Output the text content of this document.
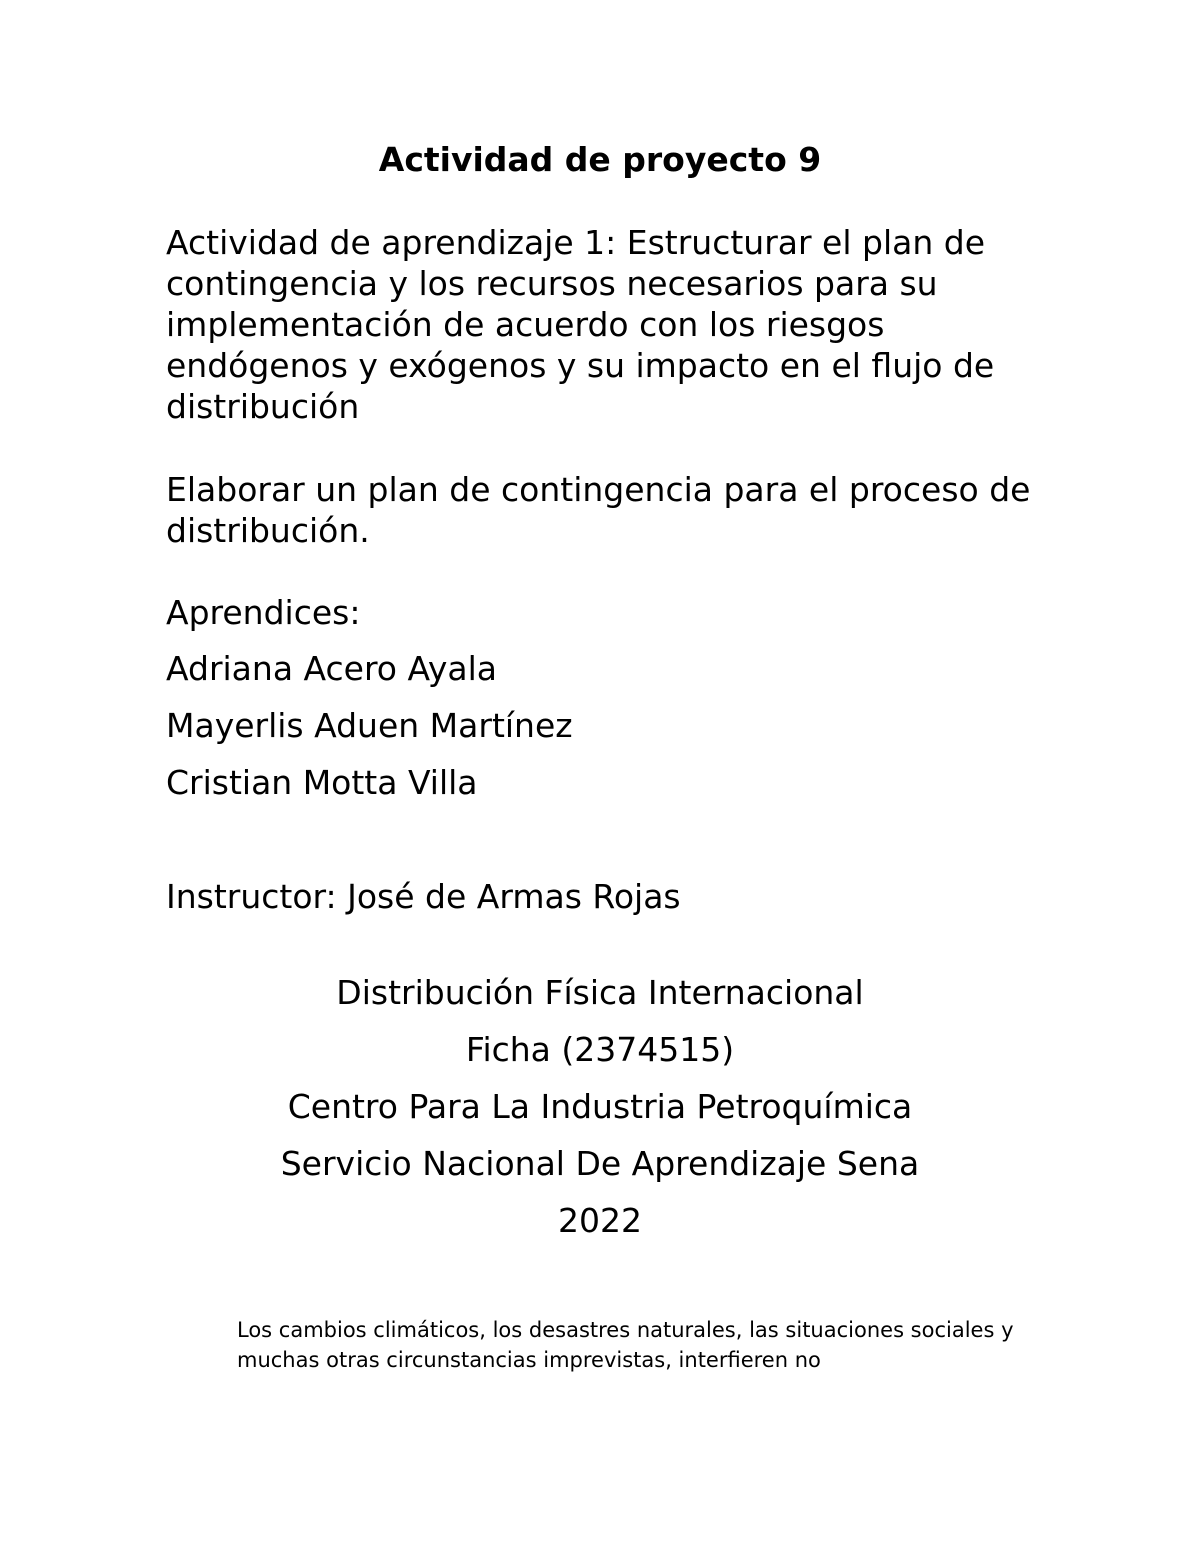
Actividad de proyecto 9

Actividad de aprendizaje 1: Estructurar el plan de contingencia y los recursos necesarios para su implementación de acuerdo con los riesgos endógenos y exógenos y su impacto en el flujo de distribución

Elaborar un plan de contingencia para el proceso de distribución.

Aprendices:

Adriana Acero Ayala
Mayerlis Aduen Martínez
Cristian Motta Villa

Instructor: José de Armas Rojas

Distribución Física Internacional
Ficha (2374515)
Centro Para La Industria Petroquímica
Servicio Nacional De Aprendizaje Sena
2022

Los cambios climáticos, los desastres naturales, las situaciones sociales y muchas otras circunstancias imprevistas, interfieren no
